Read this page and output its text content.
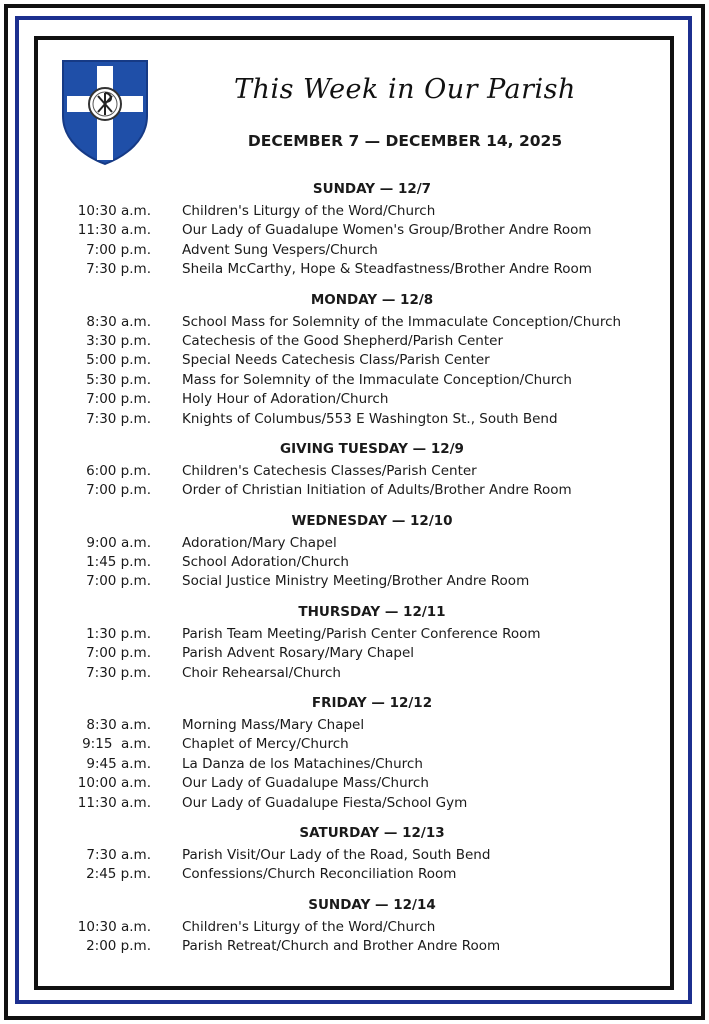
This Week in Our Parish
DECEMBER 7 — DECEMBER 14, 2025
SUNDAY — 12/7
10:30 a.m.	Children's Liturgy of the Word/Church
11:30 a.m.	Our Lady of Guadalupe Women's Group/Brother Andre Room
7:00 p.m.	Advent Sung Vespers/Church
7:30 p.m.	Sheila McCarthy, Hope & Steadfastness/Brother Andre Room
MONDAY — 12/8
8:30 a.m.	School Mass for Solemnity of the Immaculate Conception/Church
3:30 p.m.	Catechesis of the Good Shepherd/Parish Center
5:00 p.m.	Special Needs Catechesis Class/Parish Center
5:30 p.m.	Mass for Solemnity of the Immaculate Conception/Church
7:00 p.m.	Holy Hour of Adoration/Church
7:30 p.m.	Knights of Columbus/553 E Washington St., South Bend
GIVING TUESDAY — 12/9
6:00 p.m.	Children's Catechesis Classes/Parish Center
7:00 p.m.	Order of Christian Initiation of Adults/Brother Andre Room
WEDNESDAY — 12/10
9:00 a.m.	Adoration/Mary Chapel
1:45 p.m.	School Adoration/Church
7:00 p.m.	Social Justice Ministry Meeting/Brother Andre Room
THURSDAY — 12/11
1:30 p.m.	Parish Team Meeting/Parish Center Conference Room
7:00 p.m.	Parish Advent Rosary/Mary Chapel
7:30 p.m.	Choir Rehearsal/Church
FRIDAY — 12/12
8:30 a.m.	Morning Mass/Mary Chapel
9:15  a.m.	Chaplet of Mercy/Church
9:45 a.m.	La Danza de los Matachines/Church
10:00 a.m.	Our Lady of Guadalupe Mass/Church
11:30 a.m.	Our Lady of Guadalupe Fiesta/School Gym
SATURDAY — 12/13
7:30 a.m.	Parish Visit/Our Lady of the Road, South Bend
2:45 p.m.	Confessions/Church Reconciliation Room
SUNDAY — 12/14
10:30 a.m.	Children's Liturgy of the Word/Church
2:00 p.m.	Parish Retreat/Church and Brother Andre Room
